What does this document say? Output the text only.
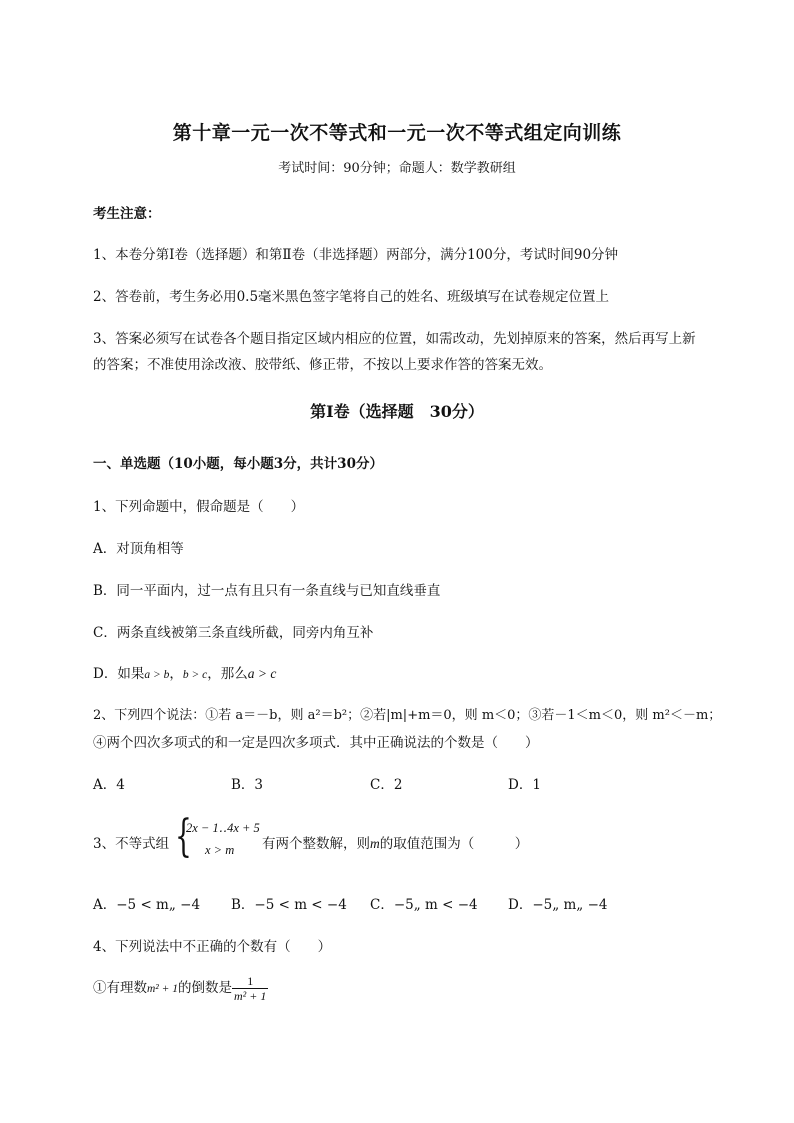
第十章一元一次不等式和一元一次不等式组定向训练
考试时间：90分钟；命题人：数学教研组
考生注意：
1、本卷分第I卷（选择题）和第Ⅱ卷（非选择题）两部分，满分100分，考试时间90分钟
2、答卷前，考生务必用0.5毫米黑色签字笔将自己的姓名、班级填写在试卷规定位置上
3、答案必须写在试卷各个题目指定区域内相应的位置，如需改动，先划掉原来的答案，然后再写上新
的答案；不准使用涂改液、胶带纸、修正带，不按以上要求作答的答案无效。
第I卷（选择题　30分）
一、单选题（10小题，每小题3分，共计30分）
1、下列命题中，假命题是（　　）
A．对顶角相等
B．同一平面内，过一点有且只有一条直线与已知直线垂直
C．两条直线被第三条直线所截，同旁内角互补
D．如果a > b，b > c，那么a > c
2、下列四个说法：①若 a＝－b，则 a²＝b²；②若|m|+m＝0，则 m＜0；③若－1＜m＜0，则 m²＜－m；
④两个四次多项式的和一定是四次多项式．其中正确说法的个数是（　　）
A．4	B．3	C．2	D．1
3、不等式组 {
2x − 1‥4x + 5
x > m 有两个整数解，则m的取值范围为（　　　）
A．−5 < m„ −4 B．−5 < m < −4 C．−5„ m < −4 D．−5„ m„ −4
4、下列说法中不正确的个数有（　　）
①有理数m² + 1的倒数是 $\frac{1}{\text{m² + 1}}$
